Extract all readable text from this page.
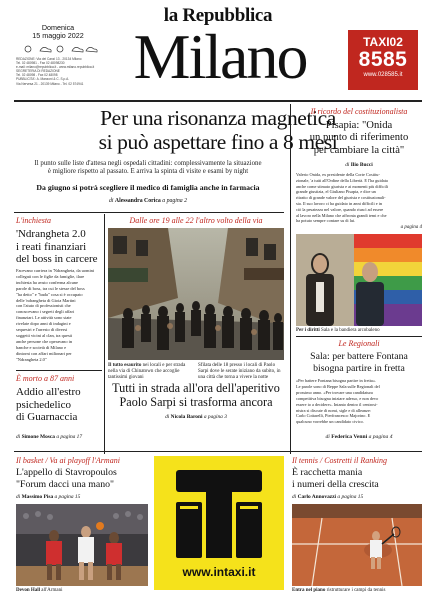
la Repubblica
Domenica
15 maggio 2022
REDAZIONE: Via dei Canzi 13 - 20134 Milano
Tel. 02 480981 - Fax 02 48098230
e-mail: milano@repubblica.it - www.milano.repubblica.it
SEGRETERIA DI REDAZIONE
Tel. 02 48098 - Fax 02 48098
PUBBLICITA': A. Manzoni & C. S.p.A.
Via Nervesa 21 - 20139 Milano - Tel. 02 574941 Milano	TAXI02
8585
www.028585.it
Per una risonanza magnetica
si può aspettare fino a 8 mesi
Il punto sulle liste d'attesa negli ospedali cittadini: complessivamente la situazione
è migliore rispetto al passato. E arriva la spinta di visite e esami by night
Da giugno si potrà scegliere il medico di famiglia anche in farmacia
di Alessandra Corica a pagina 2
L'inchiesta
'Ndrangheta 2.0
i reati finanziari
del boss in carcere
Facevano carriera in 'Ndrangheta, da uomini
collegati con le figlie da famiglie, ilare
inchiesta ha avuto conferma alcune
parole di boss, tra cui le stesse del boss
"ha detto" e "bada" cosa si è occupato
delle 'ndrangheta di Gioia Martini
con l'aiuto di professionisti che
conoscevano i segreti degli affari
finanziari. Le attività sono state
rivelate dopo anni di indagini e
sequestri e l'arresto di diversi
soggetti vicini al clan, tra questi
anche persone che operavano in
banche e società di Milano e
dintorni con affari milionari per
"Ndrangheta 2.0"
È morto a 87 anni
Addio all'estro
psichedelico
di Guarnaccia
di Simone Mosca a pagina 17
Dalle ore 19 alle 22 l'altro volto della via
Il tutto esaurito nei locali e per strada nella via di Chinatown che accoglie tantissimi giovani
Sfilata delle 18 presso i locali di Paolo Sarpi dove le serate iniziano da subito, in una città che torna a vivere la notte
Tutti in strada all'ora dell'aperitivo
Paolo Sarpi si trasforma ancora
di Nicola Baroni a pagina 3
Il ricordo del costituzionalista
Pisapia: "Onida
un punto di riferimento
per cambiare la città"
di Ilio Bucci
Valerio Onida, ex presidente della Corte Costitu-
zionale, 'a tutti all'Ordine della Libertà. E l'ha guidata
anche come stimato giurista e ai momenti più difficili
grande giustizia, el Giuliano Pisapia, e dice un
ritratto di grande valore del giurista e costituzionali-
sta. Il suo lavoro ci ha guidato in anni difficili e in
ciò la pesatezza nel valore, quando riuscì ad essere
al lavoro nella Milano che affronta grandi temi e che
ha potuto sempre contare su di lui.
a pagina 4
Per i diritti Sala e la bandiera arcobaleno
Le Regionali
Sala: per battere Fontana
bisogna partire in fretta
«Per battere Fontana bisogna partire in fretta».
Le parole sono di Beppe Sala sulle Regionali del
prossimo anno. «Per trovare una candidatura
competitiva bisogna iniziare adesso, e non devo
essere io a decidere». Intanto dentro il centrosi-
nistra si discute di nomi, sigle e di alleanze:
Carlo Cottarelli, Pierfrancesco Majorino. E
qualcuno vorrebbe un candidato civico.
di Federica Venni a pagina 4
Il basket / Va ai playoff l'Armani
L'appello di Stavropoulos
"Forum dacci una mano"
di Massimo Pisa a pagina 15
Devon Hall all'Armani
www.intaxi.it
Il tennis / Costretti il Ranking
È racchetta mania
i numeri della crescita
di Carlo Annovazzi a pagina 15
Entra nel piano ristrutturare i campi da tennis
